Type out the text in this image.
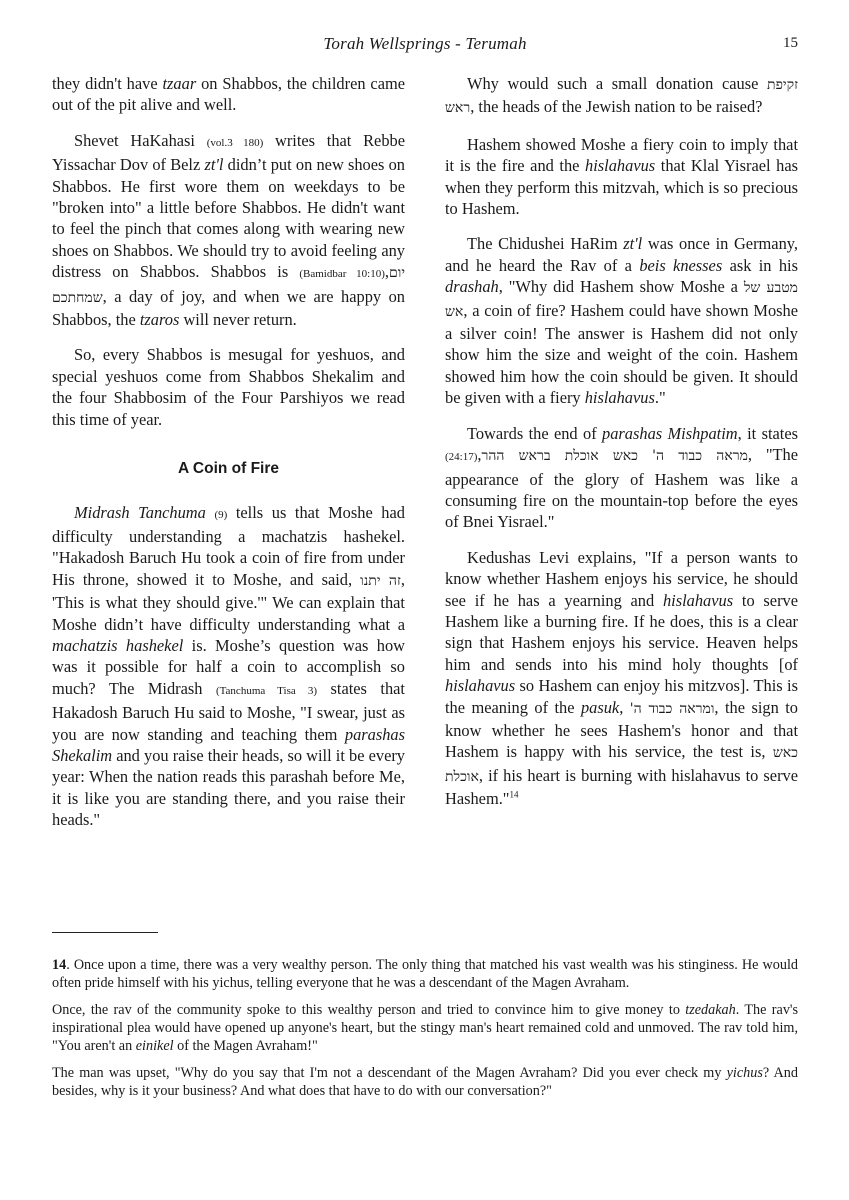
Torah Wellsprings - Terumah	15

they didn't have tzaar on Shabbos, the children came out of the pit alive and well.

Shevet HaKahasi (vol.3 180) writes that Rebbe Yissachar Dov of Belz zt'l didn’t put on new shoes on Shabbos. He first wore them on weekdays to be "broken into" a little before Shabbos. He didn't want to feel the pinch that comes along with wearing new shoes on Shabbos. We should try to avoid feeling any distress on Shabbos. Shabbos is (Bamidbar 10:10),יום שמחתכם, a day of joy, and when we are happy on Shabbos, the tzaros will never return.

So, every Shabbos is mesugal for yeshuos, and special yeshuos come from Shabbos Shekalim and the four Shabbosim of the Four Parshiyos we read this time of year.

A Coin of Fire

Midrash Tanchuma (9) tells us that Moshe had difficulty understanding a machatzis hashekel. "Hakadosh Baruch Hu took a coin of fire from under His throne, showed it to Moshe, and said, זה יתנו, 'This is what they should give.'" We can explain that Moshe didn’t have difficulty understanding what a machatzis hashekel is. Moshe’s question was how was it possible for half a coin to accomplish so much? The Midrash (Tanchuma Tisa 3) states that Hakadosh Baruch Hu said to Moshe, "I swear, just as you are now standing and teaching them parashas Shekalim and you raise their heads, so will it be every year: When the nation reads this parashah before Me, it is like you are standing there, and you raise their heads."

Why would such a small donation cause זקיפת ראש, the heads of the Jewish nation to be raised?

Hashem showed Moshe a fiery coin to imply that it is the fire and the hislahavus that Klal Yisrael has when they perform this mitzvah, which is so precious to Hashem.

The Chidushei HaRim zt'l was once in Germany, and he heard the Rav of a beis knesses ask in his drashah, "Why did Hashem show Moshe a מטבע של אש, a coin of fire? Hashem could have shown Moshe a silver coin! The answer is Hashem did not only show him the size and weight of the coin. Hashem showed him how the coin should be given. It should be given with a fiery hislahavus."

Towards the end of parashas Mishpatim, it states (24:17),מראה כבוד ה' כאש אוכלת בראש ההר, "The appearance of the glory of Hashem was like a consuming fire on the mountain-top before the eyes of Bnei Yisrael."

Kedushas Levi explains, "If a person wants to know whether Hashem enjoys his service, he should see if he has a yearning and hislahavus to serve Hashem like a burning fire. If he does, this is a clear sign that Hashem enjoys his service. Heaven helps him and sends into his mind holy thoughts [of hislahavus so Hashem can enjoy his mitzvos]. This is the meaning of the pasuk, ומראה כבוד ה', the sign to know whether he sees Hashem's honor and that Hashem is happy with his service, the test is, כאש אוכלת, if his heart is burning with hislahavus to serve Hashem."$^{14}$

14. Once upon a time, there was a very wealthy person. The only thing that matched his vast wealth was his stinginess. He would often pride himself with his yichus, telling everyone that he was a descendant of the Magen Avraham.

Once, the rav of the community spoke to this wealthy person and tried to convince him to give money to tzedakah. The rav's inspirational plea would have opened up anyone's heart, but the stingy man's heart remained cold and unmoved. The rav told him, "You aren't an einikel of the Magen Avraham!"

The man was upset, "Why do you say that I'm not a descendant of the Magen Avraham? Did you ever check my yichus? And besides, why is it your business? And what does that have to do with our conversation?"
